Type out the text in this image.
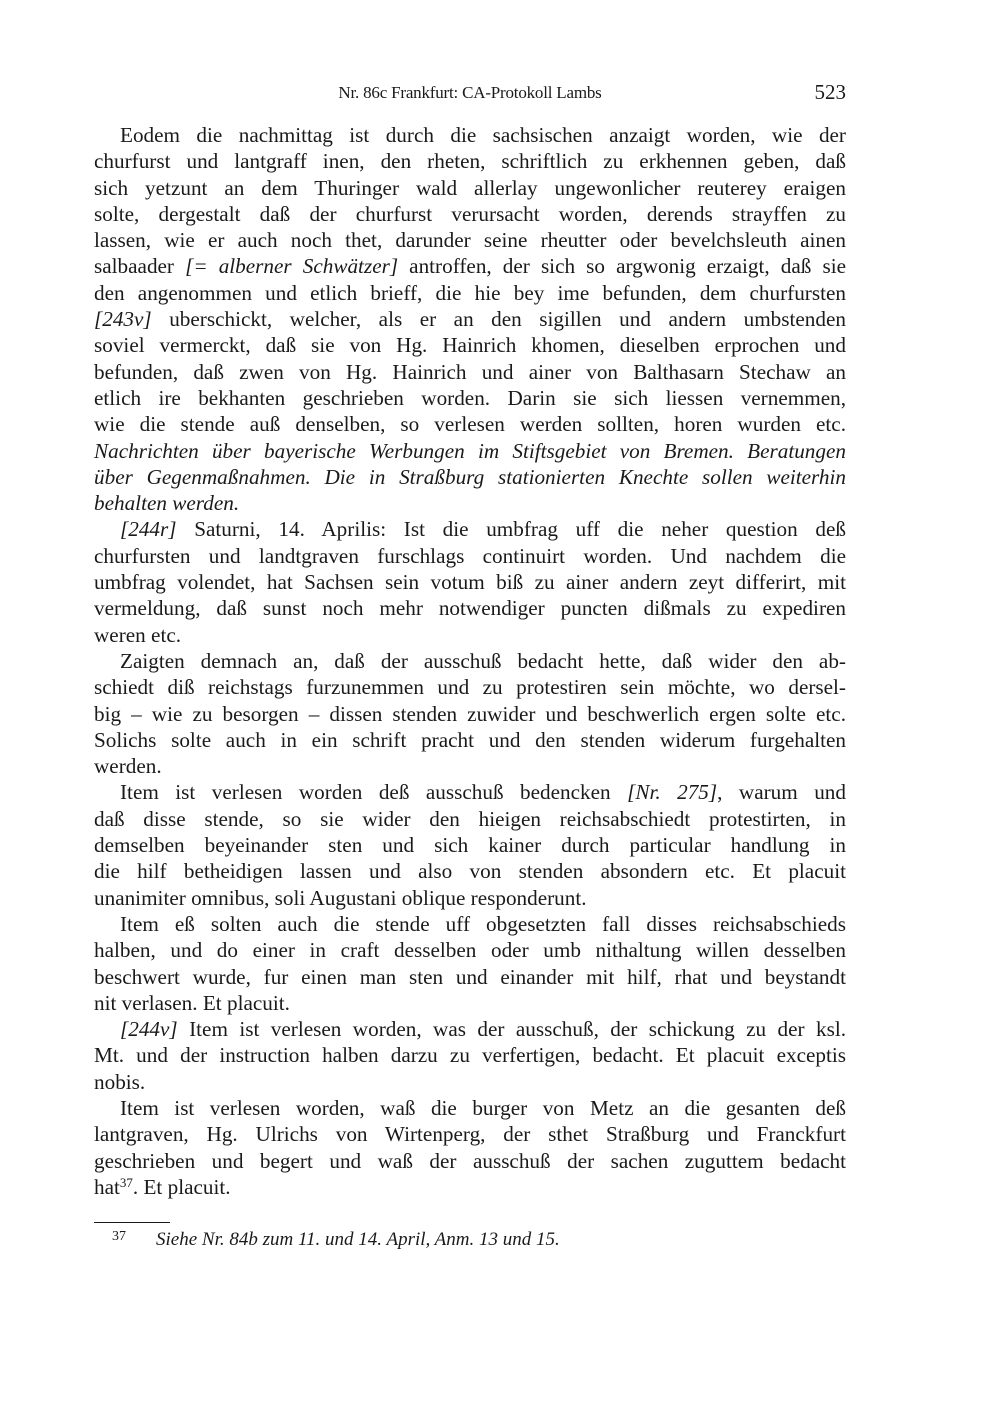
Nr. 86c Frankfurt: CA-Protokoll Lambs	523
Eodem die nachmittag ist durch die sachsischen anzaigt worden, wie der
churfurst und lantgraff inen, den rheten, schriftlich zu erkhennen geben, daß
sich yetzunt an dem Thuringer wald allerlay ungewonlicher reuterey eraigen
solte, dergestalt daß der churfurst verursacht worden, derends strayffen zu
lassen, wie er auch noch thet, darunder seine rheutter oder bevelchsleuth ainen
salbaader [= alberner Schwätzer] antroffen, der sich so argwonig erzaigt, daß sie
den angenommen und etlich brieff, die hie bey ime befunden, dem churfursten
[243v] uberschickt, welcher, als er an den sigillen und andern umbstenden
soviel vermerckt, daß sie von Hg. Hainrich khomen, dieselben erprochen und
befunden, daß zwen von Hg. Hainrich und ainer von Balthasarn Stechaw an
etlich ire bekhanten geschrieben worden. Darin sie sich liessen vernemmen,
wie die stende auß denselben, so verlesen werden sollten, horen wurden etc.
Nachrichten über bayerische Werbungen im Stiftsgebiet von Bremen. Beratungen
über Gegenmaßnahmen. Die in Straßburg stationierten Knechte sollen weiterhin
behalten werden.
[244r] Saturni, 14. Aprilis: Ist die umbfrag uff die neher question deß
churfursten und landtgraven furschlags continuirt worden. Und nachdem die
umbfrag volendet, hat Sachsen sein votum biß zu ainer andern zeyt differirt, mit
vermeldung, daß sunst noch mehr notwendiger puncten dißmals zu expediren
weren etc.
Zaigten demnach an, daß der ausschuß bedacht hette, daß wider den ab-
schiedt diß reichstags furzunemmen und zu protestiren sein möchte, wo dersel-
big – wie zu besorgen – dissen stenden zuwider und beschwerlich ergen solte etc.
Solichs solte auch in ein schrift pracht und den stenden widerum furgehalten
werden.
Item ist verlesen worden deß ausschuß bedencken [Nr. 275], warum und
daß disse stende, so sie wider den hieigen reichsabschiedt protestirten, in
demselben beyeinander sten und sich kainer durch particular handlung in
die hilf betheidigen lassen und also von stenden absondern etc. Et placuit
unanimiter omnibus, soli Augustani oblique responderunt.
Item eß solten auch die stende uff obgesetzten fall disses reichsabschieds
halben, und do einer in craft desselben oder umb nithaltung willen desselben
beschwert wurde, fur einen man sten und einander mit hilf, rhat und beystandt
nit verlasen. Et placuit.
[244v] Item ist verlesen worden, was der ausschuß, der schickung zu der ksl.
Mt. und der instruction halben darzu zu verfertigen, bedacht. Et placuit exceptis
nobis.
Item ist verlesen worden, waß die burger von Metz an die gesanten deß
lantgraven, Hg. Ulrichs von Wirtenperg, der sthet Straßburg und Franckfurt
geschrieben und begert und waß der ausschuß der sachen zuguttem bedacht
hat$^{37}$. Et placuit.
37 Siehe Nr. 84b zum 11. und 14. April, Anm. 13 und 15.
